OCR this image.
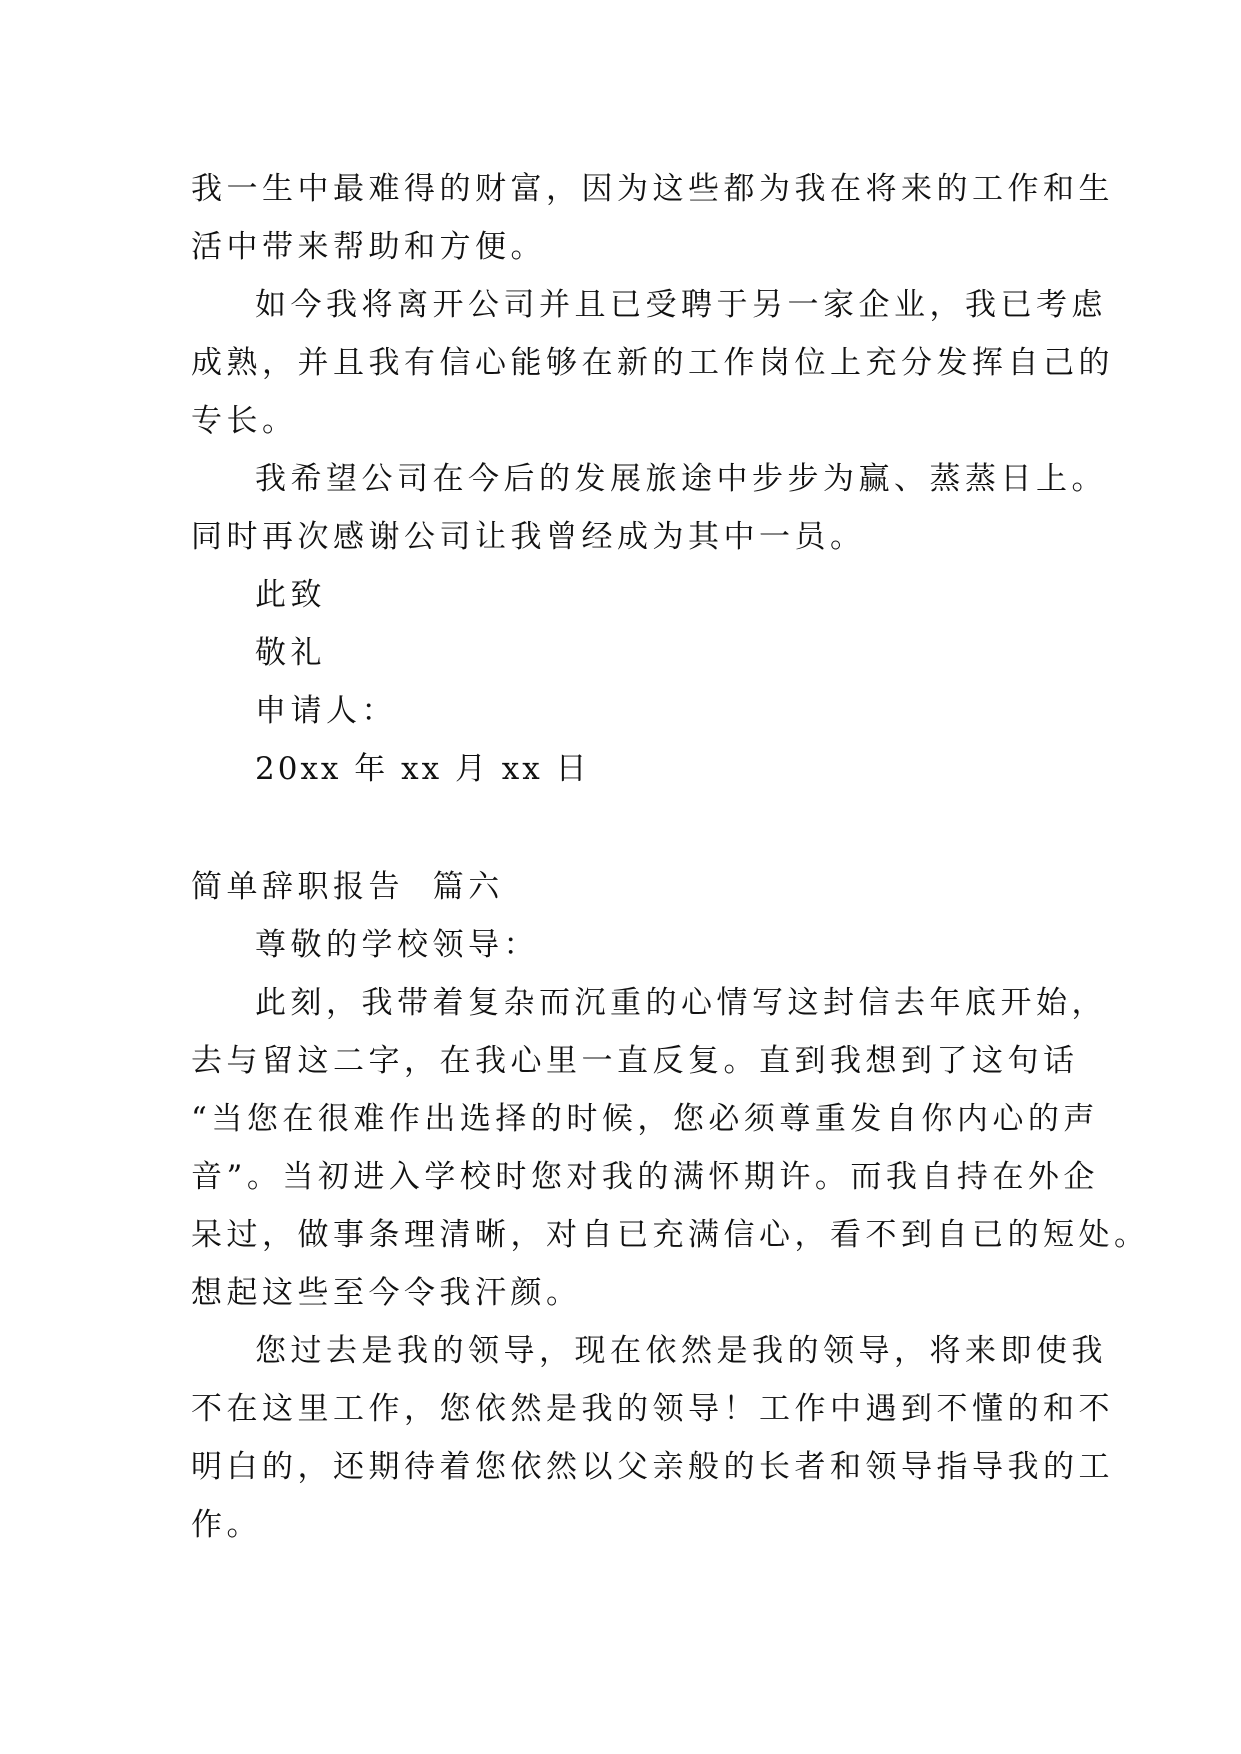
我一生中最难得的财富，因为这些都为我在将来的工作和生
活中带来帮助和方便。
如今我将离开公司并且已受聘于另一家企业，我已考虑
成熟，并且我有信心能够在新的工作岗位上充分发挥自己的
专长。
我希望公司在今后的发展旅途中步步为赢、蒸蒸日上。
同时再次感谢公司让我曾经成为其中一员。
此致
敬礼
申请人：
20xx 年 xx 月 xx 日
简单辞职报告  篇六
尊敬的学校领导：
此刻，我带着复杂而沉重的心情写这封信去年底开始，
去与留这二字，在我心里一直反复。直到我想到了这句话
“当您在很难作出选择的时候，您必须尊重发自你内心的声
音”。当初进入学校时您对我的满怀期许。而我自持在外企
呆过，做事条理清晰，对自已充满信心，看不到自已的短处。
想起这些至今令我汗颜。
您过去是我的领导，现在依然是我的领导，将来即使我
不在这里工作，您依然是我的领导！工作中遇到不懂的和不
明白的，还期待着您依然以父亲般的长者和领导指导我的工
作。
